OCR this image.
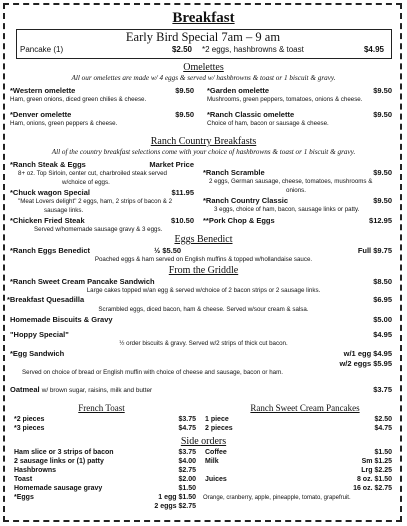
Breakfast
Early Bird Special 7am – 9 am
Pancake (1)	$2.50 *2 eggs, hashbrowns & toast	$4.95
Omelettes
All our omelettes are made w/ 4 eggs & served w/ hashbrowns & toast or 1 biscuit & gravy.
*Western omelette	$9.50
Ham, green onions, diced green chilies & cheese.
*Garden omelette	$9.50
Mushrooms, green peppers, tomatoes, onions & cheese.
*Denver omelette	$9.50
Ham, onions, green peppers & cheese.
*Ranch Classic omelette	$9.50
Choice of ham, bacon or sausage & cheese.
Ranch Country Breakfasts
All of the country breakfast selections come with your choice of hashbrowns & toast or 1 biscuit & gravy.
*Ranch Steak & Eggs	Market Price
8+ oz. Top Sirloin, center cut, charbroiled steak served
w/choice of eggs.
*Chuck wagon Special	$11.95
"Meat Lovers delight" 2 eggs, ham, 2 strips of bacon & 2
sausage links.
*Chicken Fried Steak	$10.50
Served w/homemade sausage gravy & 3 eggs.
*Ranch Scramble	$9.50
2 eggs, German sausage, cheese, tomatoes, mushrooms &
onions.
*Ranch Country Classic	$9.50
3 eggs, choice of ham, bacon, sausage links or patty.
**Pork Chop & Eggs	$12.95
Eggs Benedict
*Ranch Eggs Benedict	½ $5.50	Full $9.75
Poached eggs & ham served on English muffins & topped w/hollandaise sauce.
From the Griddle
*Ranch Sweet Cream Pancake Sandwich	$8.50
Large cakes topped w/an egg & served w/choice of 2 bacon strips or 2 sausage links.
*Breakfast Quesadilla	$6.95
Scrambled eggs, diced bacon, ham & cheese. Served w/sour cream & salsa.
Homemade Biscuits & Gravy	$5.00
"Hoppy Special"	$4.95
½ order biscuits & gravy. Served w/2 strips of thick cut bacon.
*Egg Sandwich	w/1 egg $4.95
w/2 eggs $5.95
Served on choice of bread or English muffin with choice of cheese and sausage, bacon or ham.
Oatmeal w/ brown sugar, raisins, milk and butter	$3.75
French Toast
*2 pieces	$3.75
*3 pieces	$4.75
Ranch Sweet Cream Pancakes
1 piece	$2.50
2 pieces	$4.75
Side orders
Ham slice or 3 strips of bacon	$3.75
2 sausage links or (1) patty	$4.00
Hashbrowns	$2.75
Toast	$2.00
Homemade sausage gravy	$1.50
*Eggs	1 egg $1.50
2 eggs $2.75
Coffee	$1.50
Milk	Sm $1.25
Lrg $2.25
Juices	8 oz. $1.50
16 oz. $2.75
Orange, cranberry, apple, pineapple, tomato, grapefruit.
